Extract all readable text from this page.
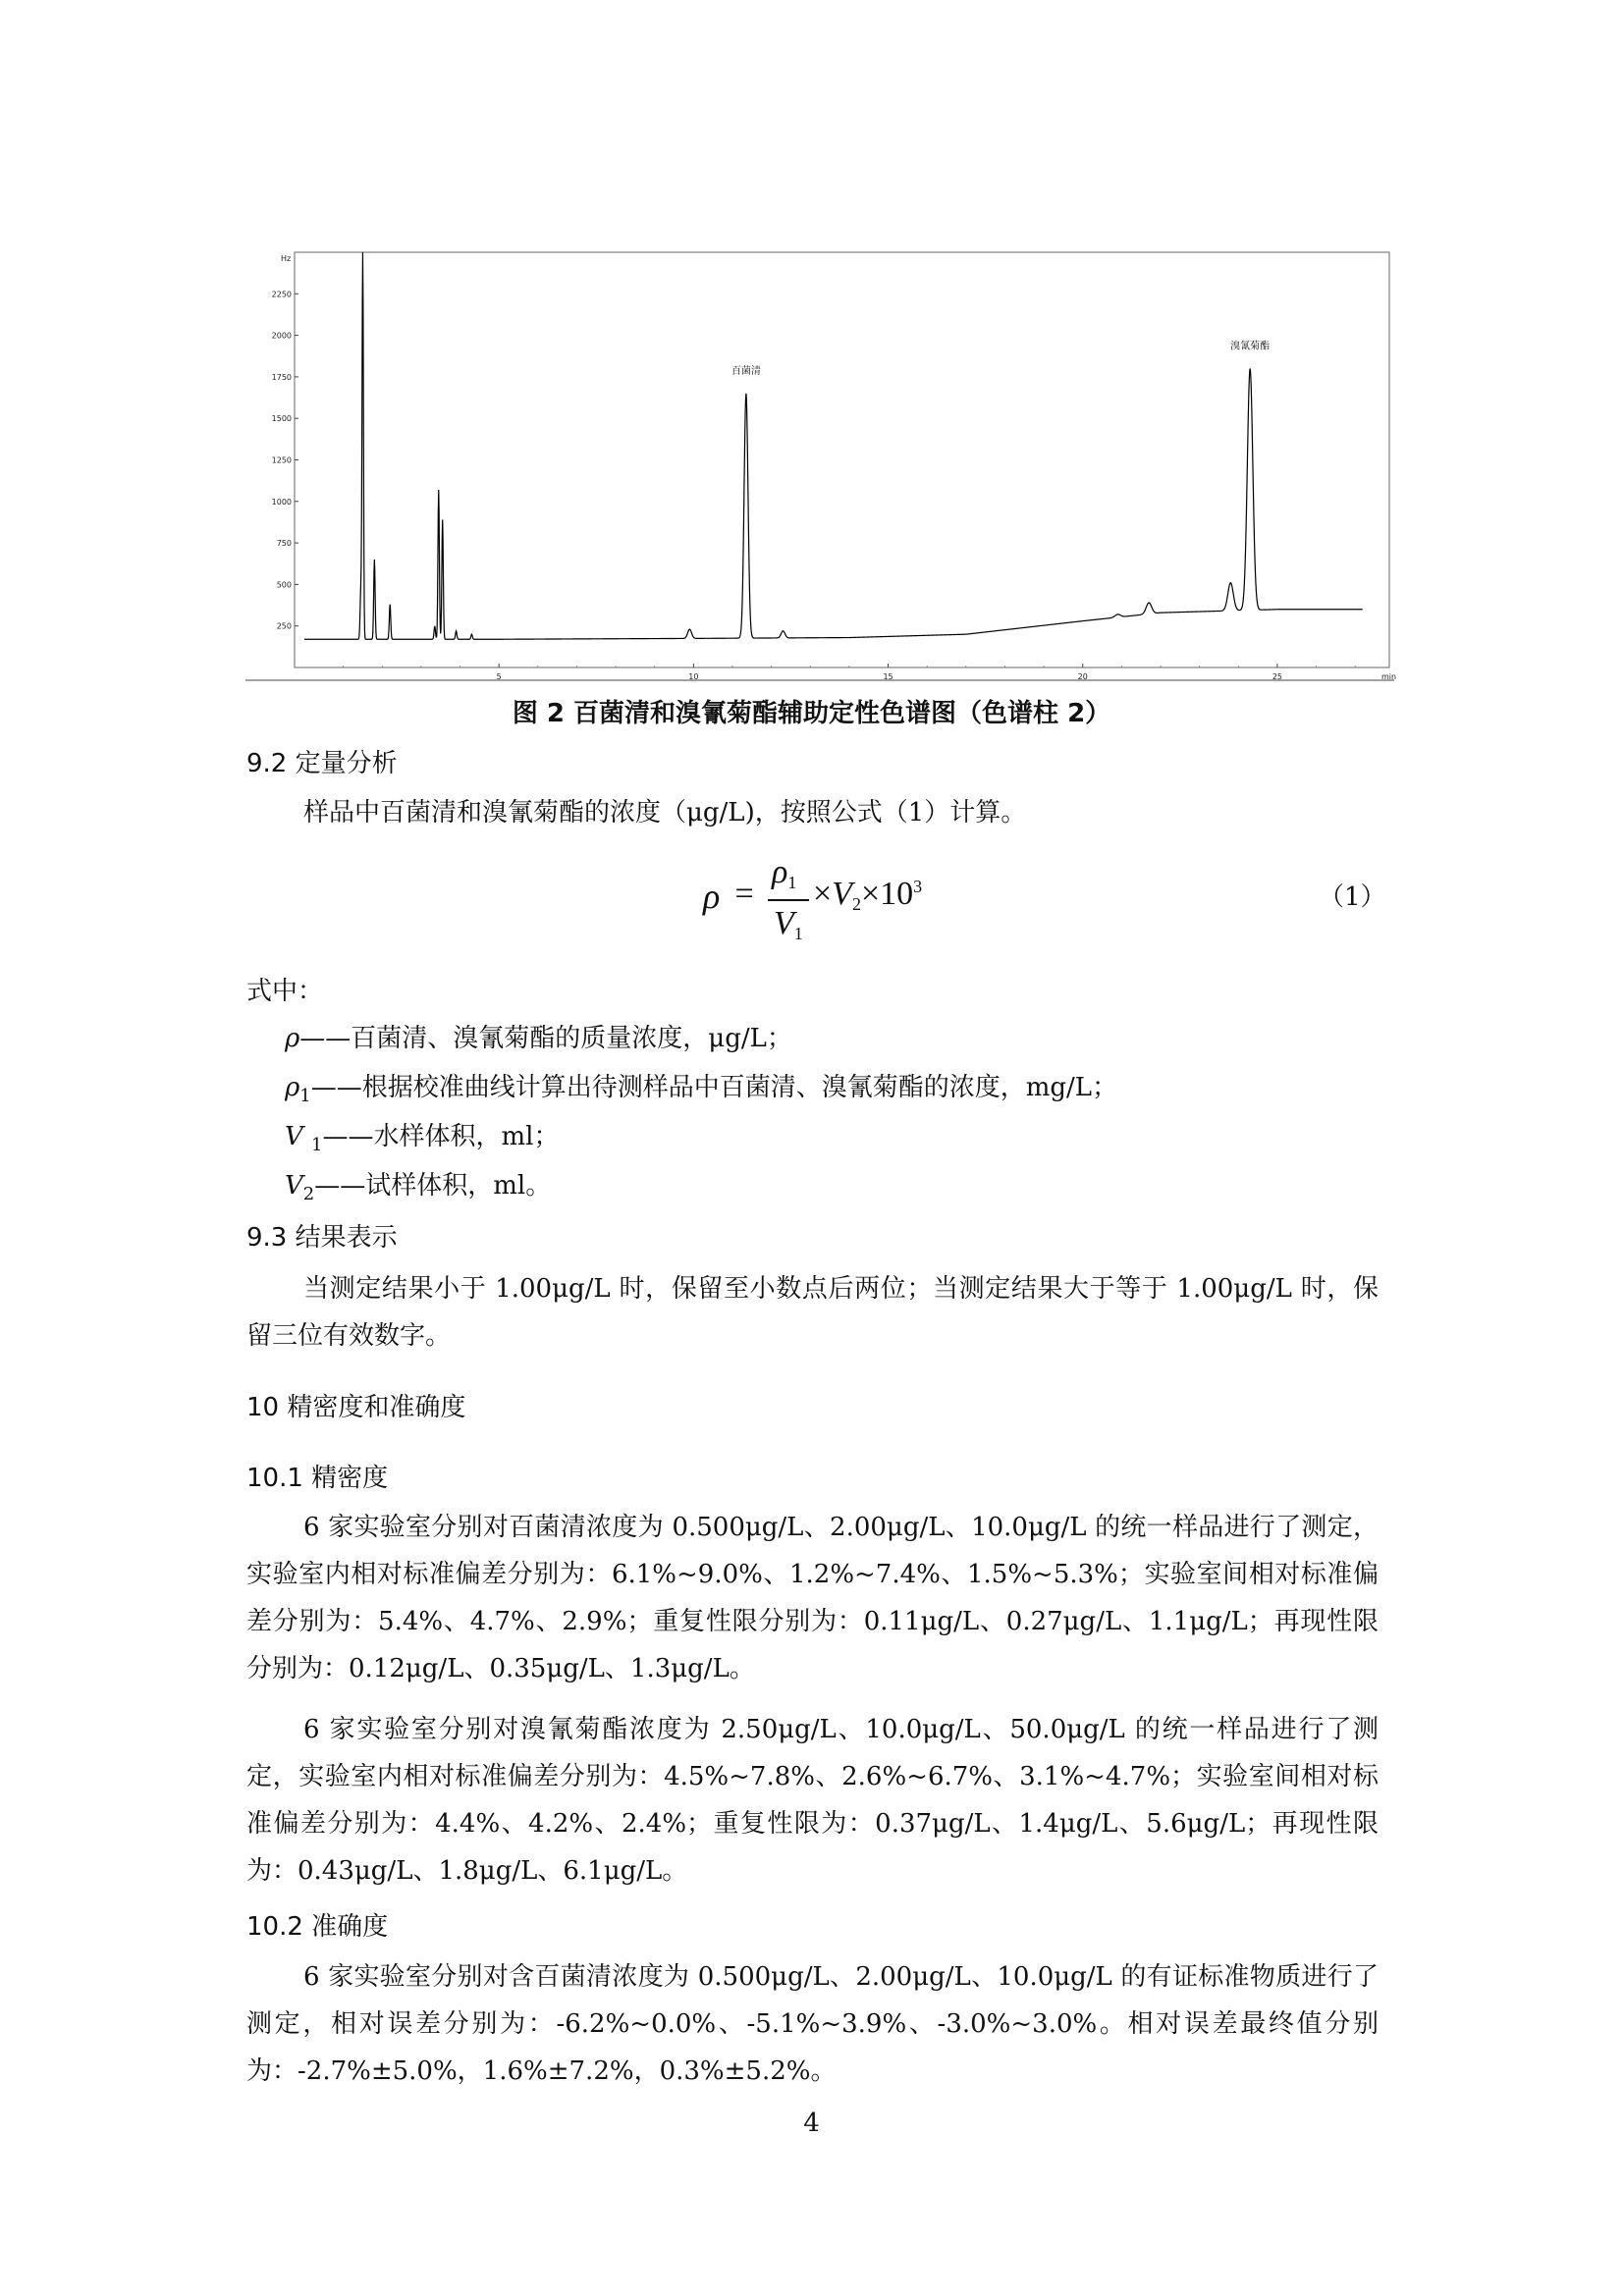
250
500
750
1000
1250
1500
1750
2000
2250
Hz
5	10	15	20	25	min
百菌清
溴氰菊酯
图 2 百菌清和溴氰菊酯辅助定性色谱图（色谱柱 2）
9.2 定量分析
样品中百菌清和溴氰菊酯的浓度（μg/L)，按照公式（1）计算。
ρ =
$\rho_1$
$V_1$
$\times V_2\times 10^3$	（1）
式中：
ρ——百菌清、溴氰菊酯的质量浓度，μg/L；
$\rho_1——$根据校准曲线计算出待测样品中百菌清、溴氰菊酯的浓度，mg/L；
V $_1$——水样体积，ml；
$V_2——$试样体积，ml。
9.3 结果表示
当测定结果小于 1.00μg/L 时，保留至小数点后两位；当测定结果大于等于 1.00μg/L 时，保留三位有效数字。
10 精密度和准确度
10.1 精密度
6 家实验室分别对百菌清浓度为 0.500μg/L、2.00μg/L、10.0μg/L 的统一样品进行了测定，实验室内相对标准偏差分别为：6.1%~9.0%、1.2%~7.4%、1.5%~5.3%；实验室间相对标准偏差分别为：5.4%、4.7%、2.9%；重复性限分别为：0.11μg/L、0.27μg/L、1.1μg/L；再现性限分别为：0.12μg/L、0.35μg/L、1.3μg/L。
6 家实验室分别对溴氰菊酯浓度为 2.50μg/L、10.0μg/L、50.0μg/L 的统一样品进行了测定，实验室内相对标准偏差分别为：4.5%~7.8%、2.6%~6.7%、3.1%~4.7%；实验室间相对标准偏差分别为：4.4%、4.2%、2.4%；重复性限为：0.37μg/L、1.4μg/L、5.6μg/L；再现性限为：0.43μg/L、1.8μg/L、6.1μg/L。
10.2 准确度
6 家实验室分别对含百菌清浓度为 0.500μg/L、2.00μg/L、10.0μg/L 的有证标准物质进行了测定，相对误差分别为：-6.2%~0.0%、-5.1%~3.9%、-3.0%~3.0%。相对误差最终值分别为：-2.7%±5.0%，1.6%±7.2%，0.3%±5.2%。
4
